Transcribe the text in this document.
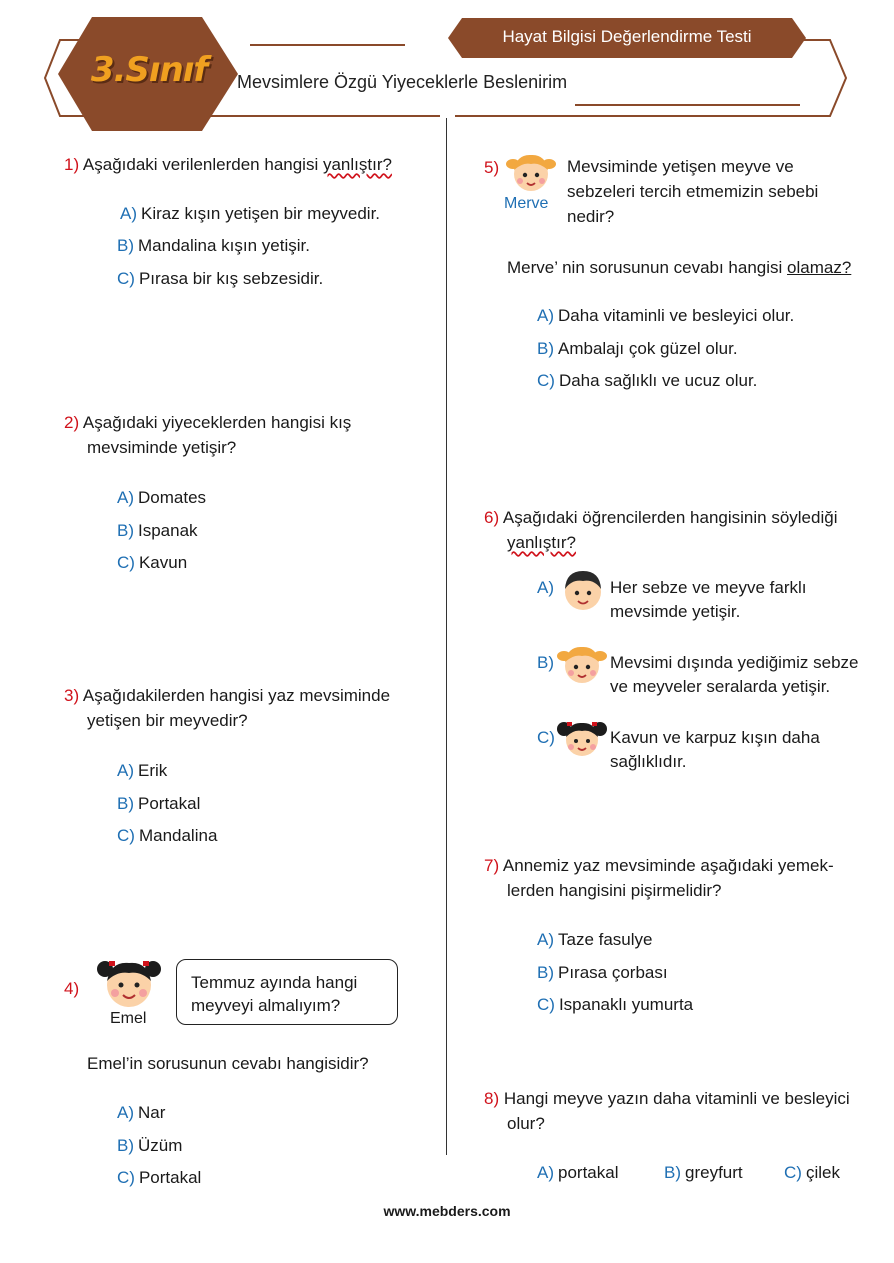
3.Sınıf
Hayat Bilgisi Değerlendirme Testi
Mevsimlere Özgü Yiyeceklerle Beslenirim
1) Aşağıdaki verilenlerden hangisi yanlıştır?
A) Kiraz kışın yetişen bir meyvedir.
B) Mandalina kışın yetişir.
C) Pırasa bir kış sebzesidir.
2) Aşağıdaki yiyeceklerden hangisi kış
mevsiminde yetişir?
A) Domates
B) Ispanak
C) Kavun
3) Aşağıdakilerden hangisi yaz mevsiminde
yetişen bir meyvedir?
A) Erik
B) Portakal
C) Mandalina
4)
Emel
Temmuz ayında hangi
meyveyi almalıyım?
Emel’in sorusunun cevabı hangisidir?
A) Nar
B) Üzüm
C) Portakal
5)
Merve
Mevsiminde yetişen meyve ve
sebzeleri tercih etmemizin sebebi
nedir?
Merve’ nin sorusunun cevabı hangisi olamaz?
A) Daha vitaminli ve besleyici olur.
B) Ambalajı çok güzel olur.
C) Daha sağlıklı ve ucuz olur.
6) Aşağıdaki öğrencilerden hangisinin söylediği
yanlıştır?
A)	Her sebze ve meyve farklı
mevsimde yetişir.
B)	Mevsimi dışında yediğimiz sebze
ve meyveler seralarda yetişir.
C)	Kavun ve karpuz kışın daha
sağlıklıdır.
7) Annemiz yaz mevsiminde aşağıdaki yemek-
lerden hangisini pişirmelidir?
A) Taze fasulye
B) Pırasa çorbası
C) Ispanaklı yumurta
8) Hangi meyve yazın daha vitaminli ve besleyici
olur?
A) portakal	B) greyfurt C) çilek
www.mebders.com
